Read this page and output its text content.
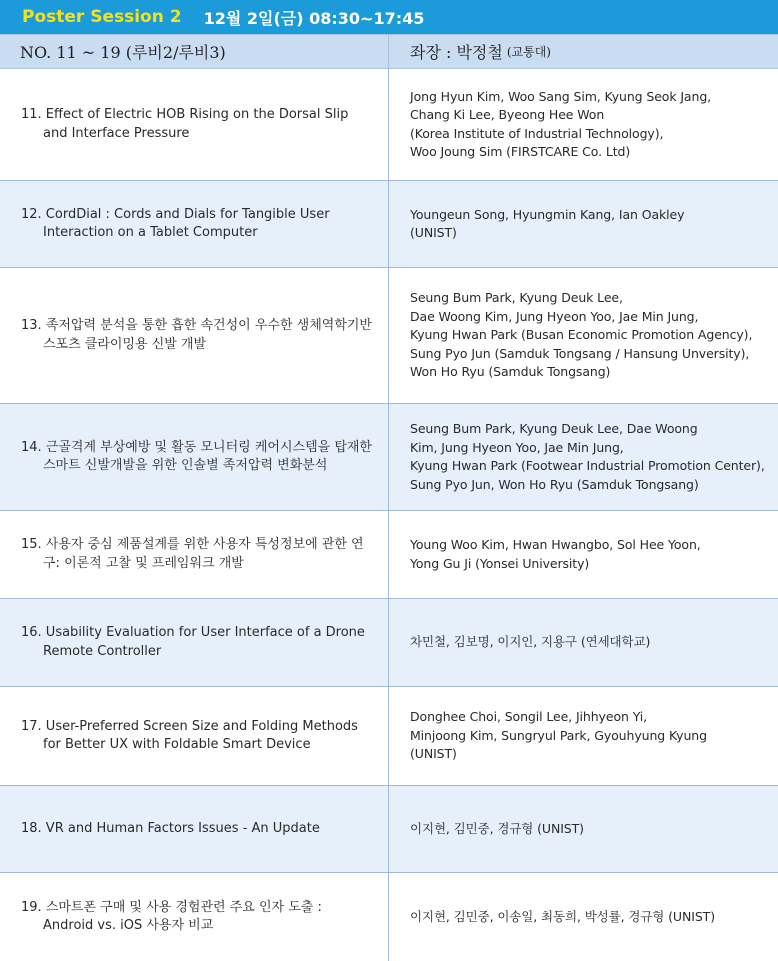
Poster Session 2 12월 2일(금) 08:30~17:45
NO. 11 ~ 19 (루비2/루비3)	좌장 : 박정철 (교통대)
11. Effect of Electric HOB Rising on the Dorsal Slip and Interface Pressure
Jong Hyun Kim, Woo Sang Sim, Kyung Seok Jang,
Chang Ki Lee, Byeong Hee Won
(Korea Institute of Industrial Technology),
Woo Joung Sim (FIRSTCARE Co. Ltd)
12. CordDial : Cords and Dials for Tangible User Interaction on a Tablet Computer
Youngeun Song, Hyungmin Kang, Ian Oakley
(UNIST)
13. 족저압력 분석을 통한 흡한 속건성이 우수한 생체역학기반 스포츠 클라이밍용 신발 개발
Seung Bum Park, Kyung Deuk Lee,
Dae Woong Kim, Jung Hyeon Yoo, Jae Min Jung,
Kyung Hwan Park (Busan Economic Promotion Agency),
Sung Pyo Jun (Samduk Tongsang / Hansung Unversity),
Won Ho Ryu (Samduk Tongsang)
14. 근골격계 부상예방 및 활동 모니터링 케어시스템을 탑재한 스마트 신발개발을 위한 인솔별 족저압력 변화분석
Seung Bum Park, Kyung Deuk Lee, Dae Woong
Kim, Jung Hyeon Yoo, Jae Min Jung,
Kyung Hwan Park (Footwear Industrial Promotion Center),
Sung Pyo Jun, Won Ho Ryu (Samduk Tongsang)
15. 사용자 중심 제품설계를 위한 사용자 특성정보에 관한 연구: 이론적 고찰 및 프레임워크 개발
Young Woo Kim, Hwan Hwangbo, Sol Hee Yoon,
Yong Gu Ji (Yonsei University)
16. Usability Evaluation for User Interface of a Drone Remote Controller
차민철, 김보명, 이지인, 지용구 (연세대학교)
17. User-Preferred Screen Size and Folding Methods for Better UX with Foldable Smart Device
Donghee Choi, Songil Lee, Jihhyeon Yi,
Minjoong Kim, Sungryul Park, Gyouhyung Kyung
(UNIST)
18. VR and Human Factors Issues - An Update	이지현, 김민중, 경규형 (UNIST)
19. 스마트폰 구매 및 사용 경험관련 주요 인자 도출 : Android vs. iOS 사용자 비교
이지현, 김민중, 이송일, 최동희, 박성률, 경규형 (UNIST)
